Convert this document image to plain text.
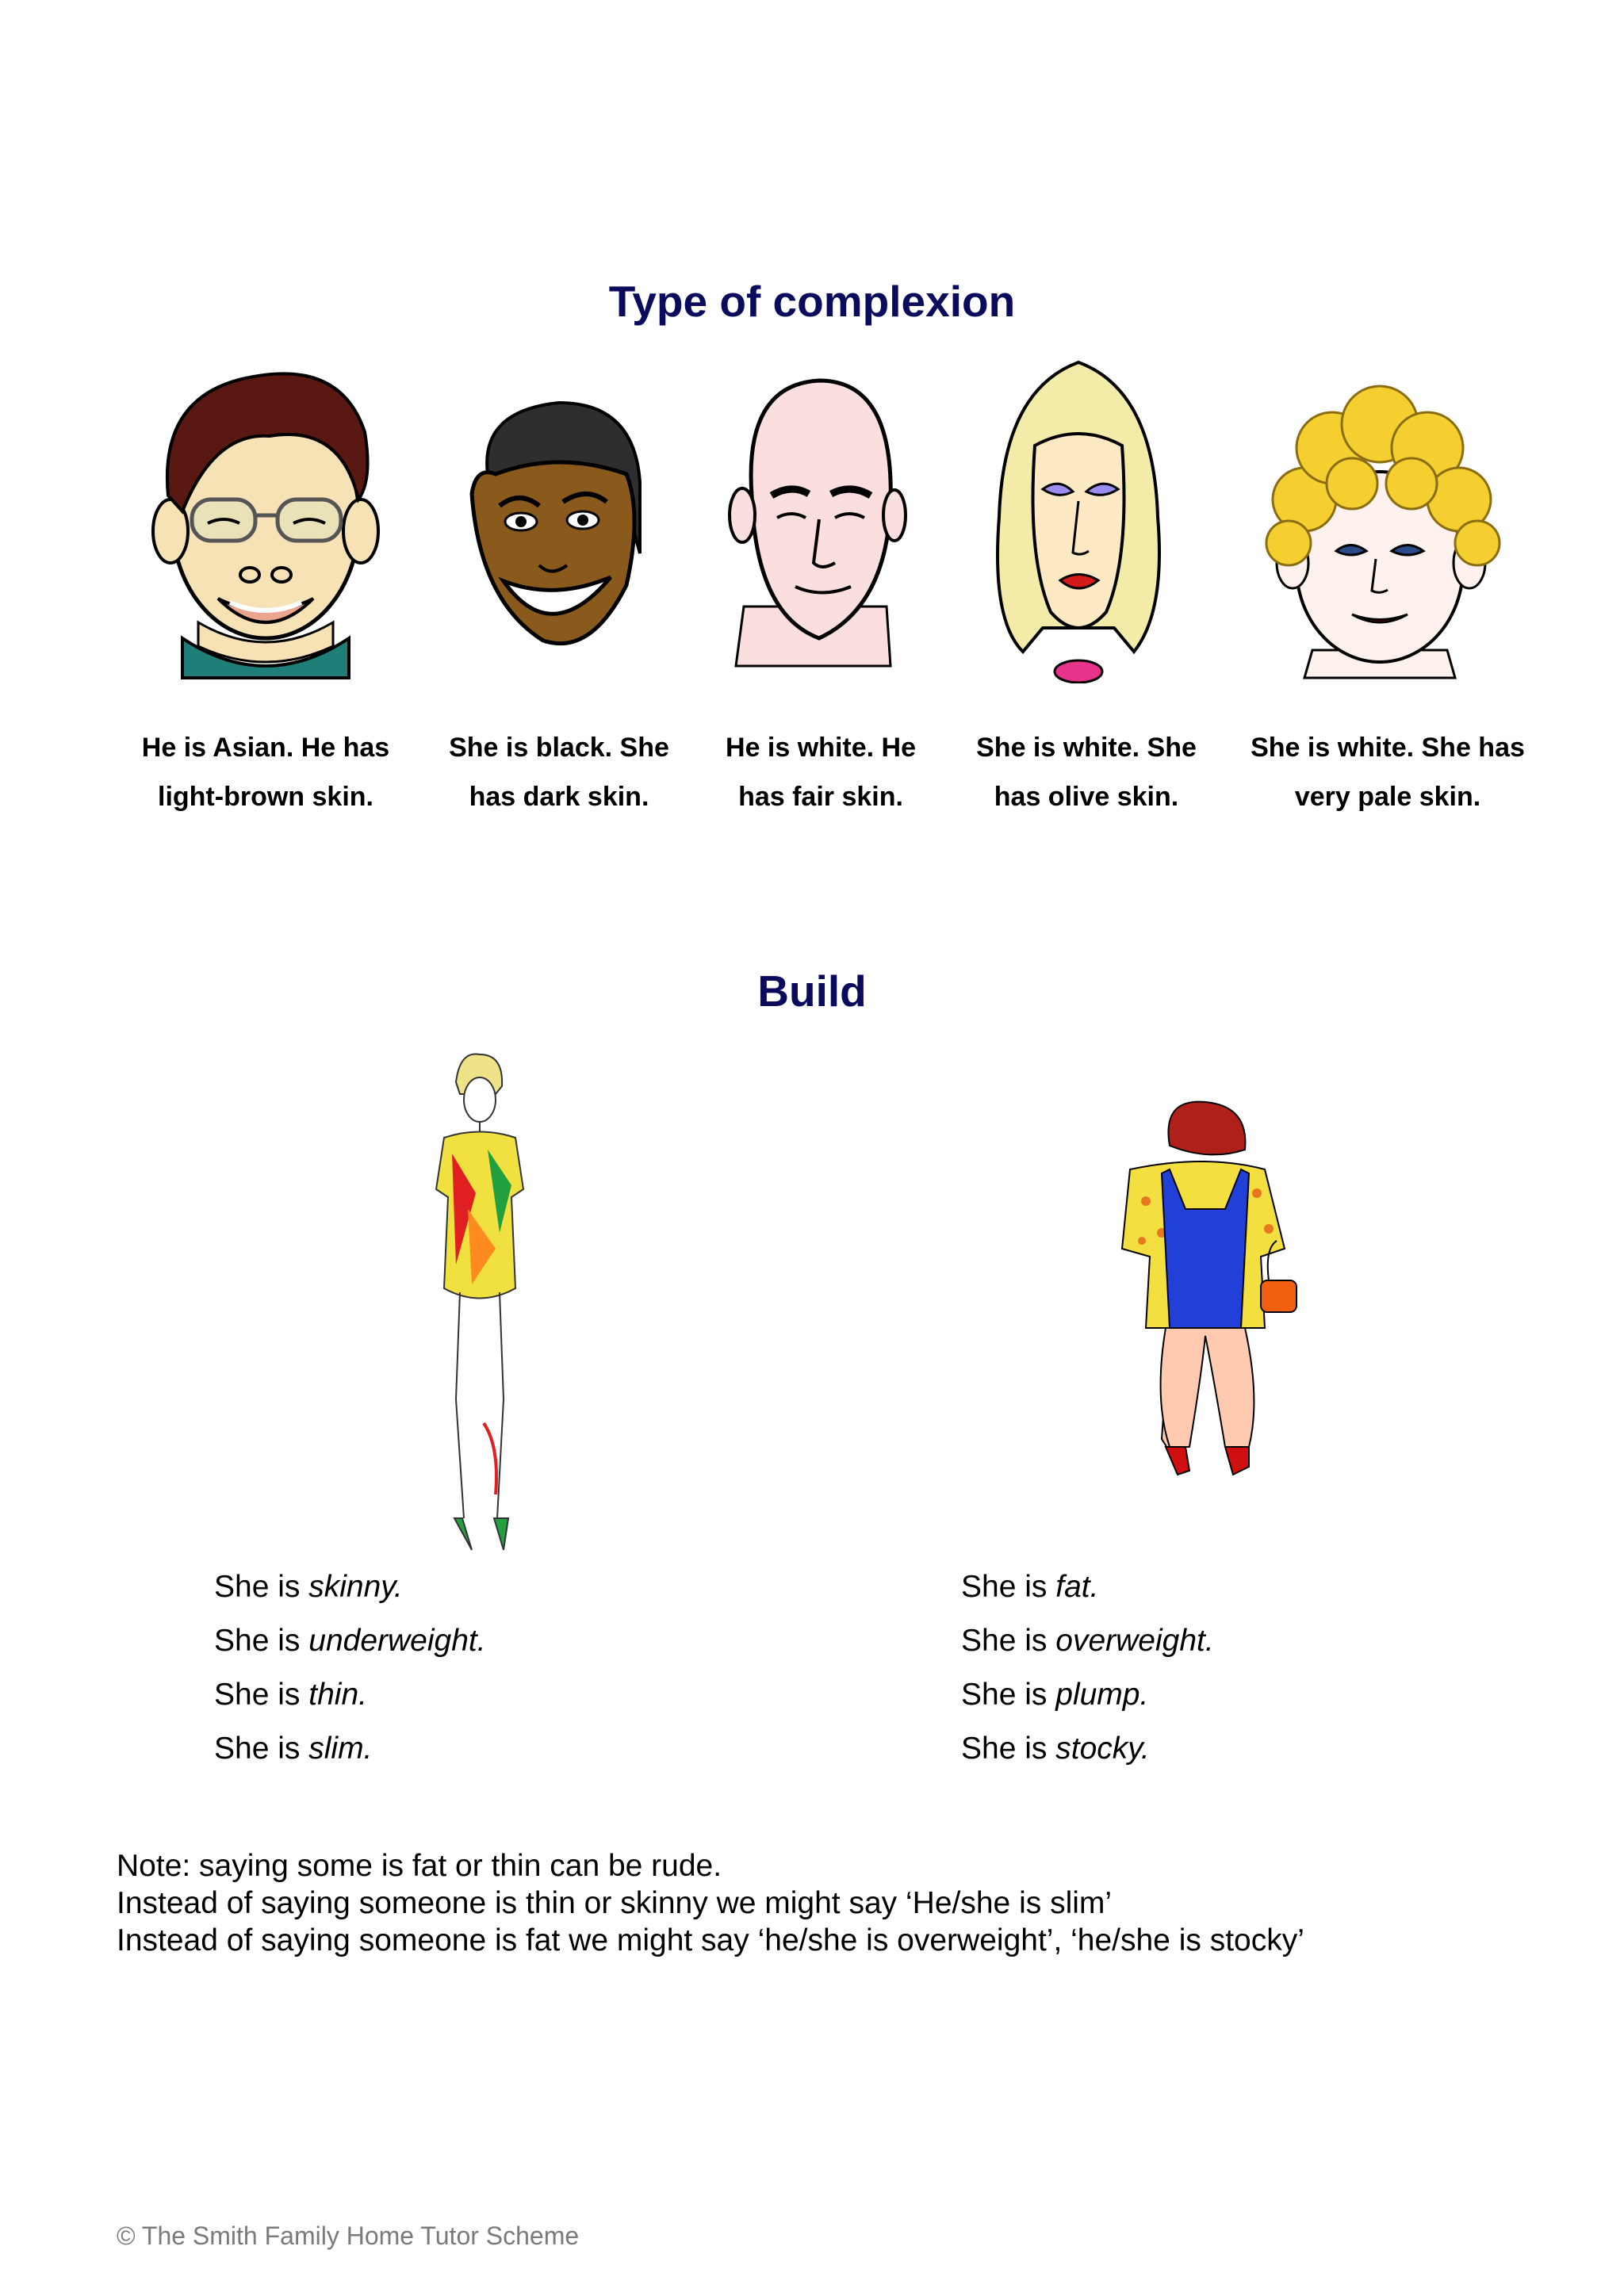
Type of complexion
He is Asian. He has
light-brown skin.
She is black. She
has dark skin.
He is white. He
has fair skin.
She is white. She
has olive skin.
She is white. She has
very pale skin.
Build
She is skinny.
She is underweight.
She is thin.
She is slim.
She is fat.
She is overweight.
She is plump.
She is stocky.

Note: saying some is fat or thin can be rude.

Instead of saying someone is thin or skinny we might say ‘He/she is slim’

Instead of saying someone is fat we might say ‘he/she is overweight’, ‘he/she is stocky’

© The Smith Family Home Tutor Scheme
